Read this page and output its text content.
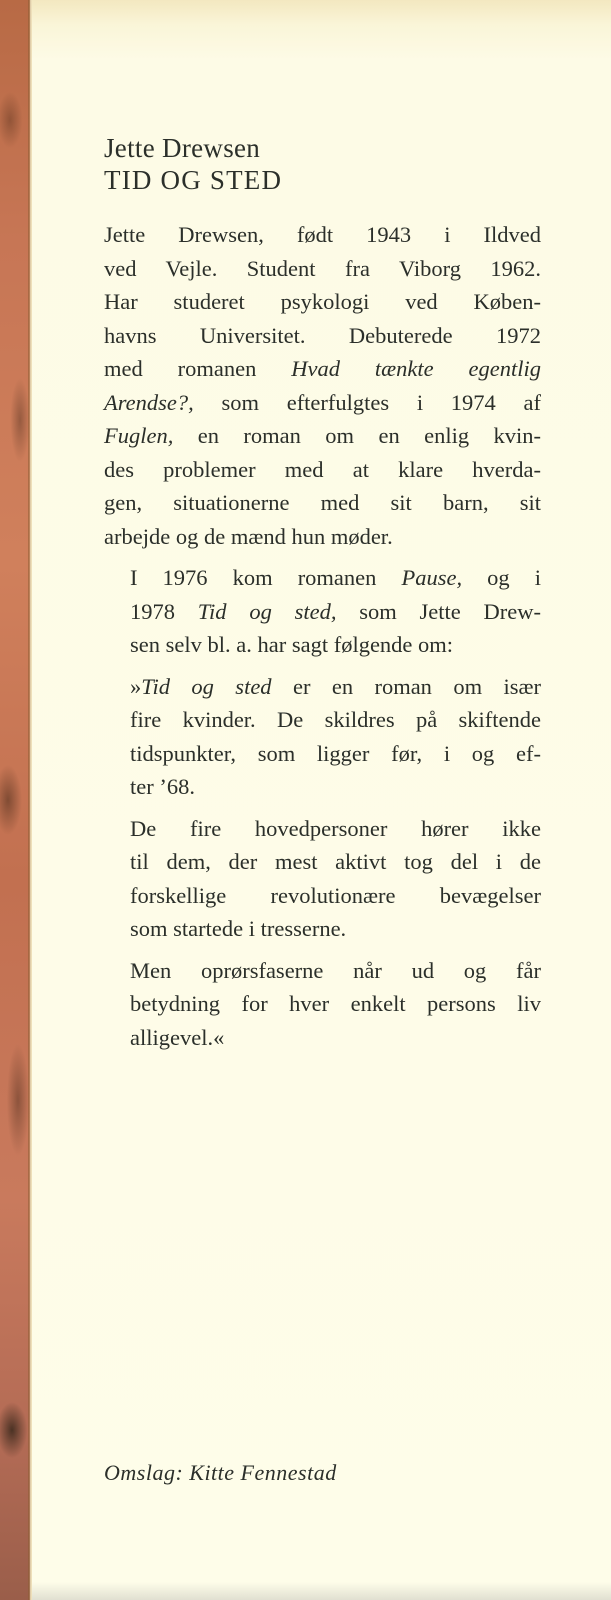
Jette Drewsen
TID OG STED

Jette Drewsen, født 1943 i Ildved
ved Vejle. Student fra Viborg 1962.
Har studeret psykologi ved Køben-
havns Universitet. Debuterede 1972
med romanen Hvad tænkte egentlig
Arendse?, som efterfulgtes i 1974 af
Fuglen, en roman om en enlig kvin-
des problemer med at klare hverda-
gen, situationerne med sit barn, sit
arbejde og de mænd hun møder.

I 1976 kom romanen Pause, og i
1978 Tid og sted, som Jette Drew-
sen selv bl. a. har sagt følgende om:

»Tid og sted er en roman om især
fire kvinder. De skildres på skiftende
tidspunkter, som ligger før, i og ef-
ter ’68.

De fire hovedpersoner hører ikke
til dem, der mest aktivt tog del i de
forskellige revolutionære bevægelser
som startede i tresserne.

Men oprørsfaserne når ud og får
betydning for hver enkelt persons liv
alligevel.«

Omslag: Kitte Fennestad
